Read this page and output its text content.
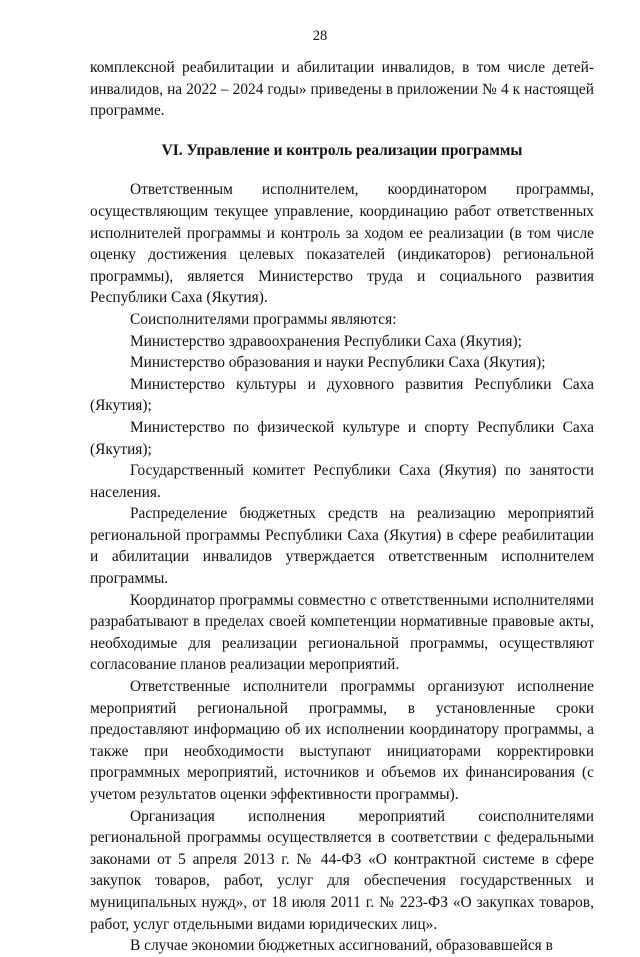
28

комплексной реабилитации и абилитации инвалидов, в том числе детей-инвалидов, на 2022 – 2024 годы» приведены в приложении № 4 к настоящей программе.

VI. Управление и контроль реализации программы

Ответственным исполнителем, координатором программы, осуществляющим текущее управление, координацию работ ответственных исполнителей программы и контроль за ходом ее реализации (в том числе оценку достижения целевых показателей (индикаторов) региональной программы), является Министерство труда и социального развития Республики Саха (Якутия).

Соисполнителями программы являются:

Министерство здравоохранения Республики Саха (Якутия);

Министерство образования и науки Республики Саха (Якутия);

Министерство культуры и духовного развития Республики Саха (Якутия);

Министерство по физической культуре и спорту Республики Саха (Якутия);

Государственный комитет Республики Саха (Якутия) по занятости населения.

Распределение бюджетных средств на реализацию мероприятий региональной программы Республики Саха (Якутия) в сфере реабилитации и абилитации инвалидов утверждается ответственным исполнителем программы.

Координатор программы совместно с ответственными исполнителями разрабатывают в пределах своей компетенции нормативные правовые акты, необходимые для реализации региональной программы, осуществляют согласование планов реализации мероприятий.

Ответственные исполнители программы организуют исполнение мероприятий региональной программы, в установленные сроки предоставляют информацию об их исполнении координатору программы, а также при необходимости выступают инициаторами корректировки программных мероприятий, источников и объемов их финансирования (с учетом результатов оценки эффективности программы).

Организация исполнения мероприятий соисполнителями региональной программы осуществляется в соответствии с федеральными законами от 5 апреля 2013 г. № 44-ФЗ «О контрактной системе в сфере закупок товаров, работ, услуг для обеспечения государственных и муниципальных нужд», от 18 июля 2011 г. № 223-ФЗ «О закупках товаров, работ, услуг отдельными видами юридических лиц».

В случае экономии бюджетных ассигнований, образовавшейся в
